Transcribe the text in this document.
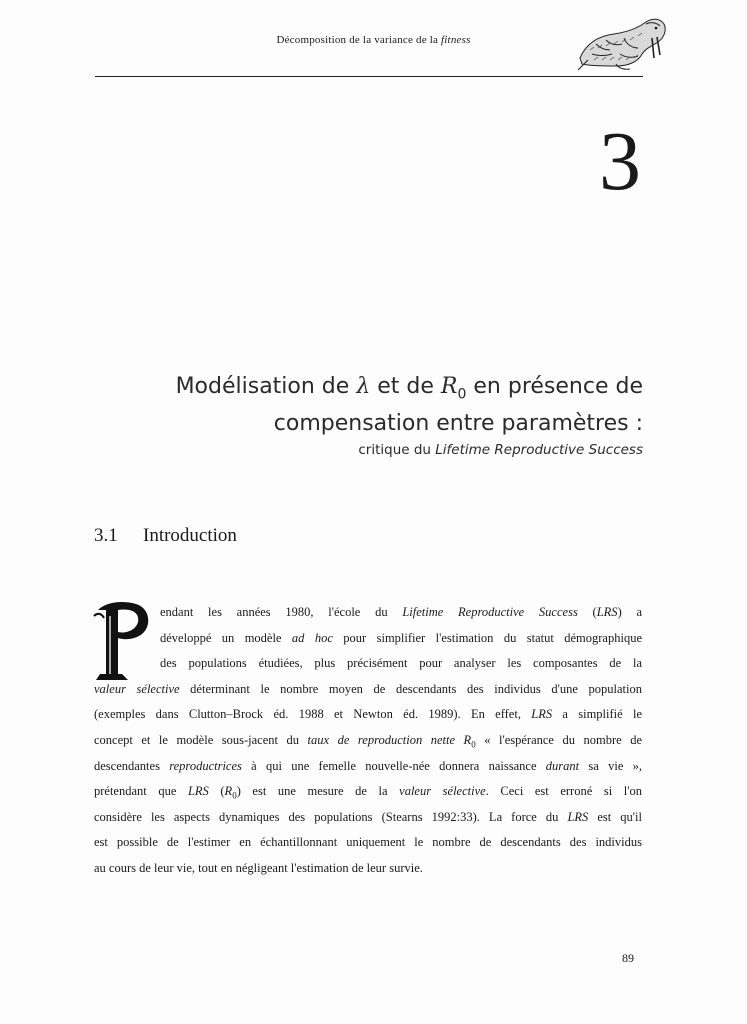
Décomposition de la variance de la fitness
3
Modélisation de λ et de $R_0$ en présence de
compensation entre paramètres :
critique du Lifetime Reproductive Success
3.1 Introduction
P
endant les années 1980, l'école du Lifetime Reproductive Success (LRS) a
développé un modèle ad hoc pour simplifier l'estimation du statut démographique
des populations étudiées, plus précisément pour analyser les composantes de la
valeur sélective déterminant le nombre moyen de descendants des individus d'une population
(exemples dans Clutton–Brock éd. 1988 et Newton éd. 1989). En effet, LRS a simplifié le
concept et le modèle sous-jacent du taux de reproduction nette $R_0$ « l'espérance du nombre de
descendantes reproductrices à qui une femelle nouvelle-née donnera naissance durant sa vie »,
prétendant que LRS $(R_0)$ est une mesure de la valeur sélective. Ceci est erroné si l'on
considère les aspects dynamiques des populations (Stearns 1992:33). La force du LRS est qu'il
est possible de l'estimer en échantillonnant uniquement le nombre de descendants des individus
au cours de leur vie, tout en négligeant l'estimation de leur survie.
89
